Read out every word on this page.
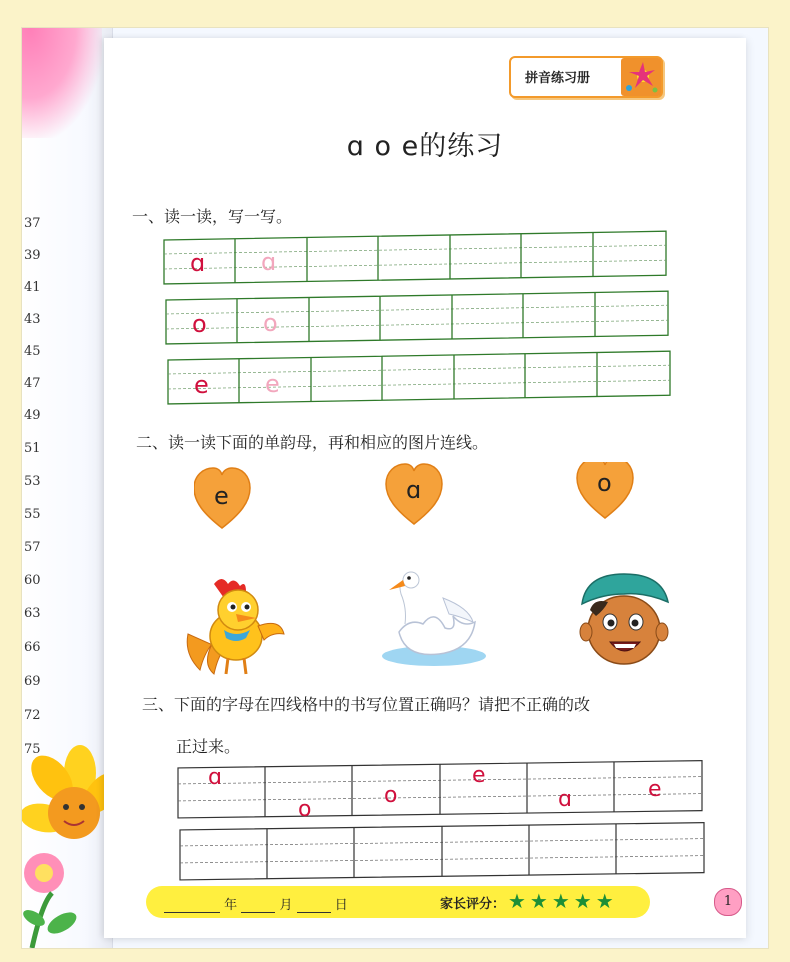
37
39
41
43
45
47
49
51
53
55
57
60
63
66
69
72
75
拼音练习册
ɑ o e的练习
一、读一读，写一写。
ɑ ɑ
o o
e e
二、读一读下面的单韵母，再和相应的图片连线。
e	ɑ	o
三、下面的字母在四线格中的书写位置正确吗？请把不正确的改
正过来。
ɑ
o
o
e
ɑ	e
年	月	日	家长评分： ★★★★★	1
